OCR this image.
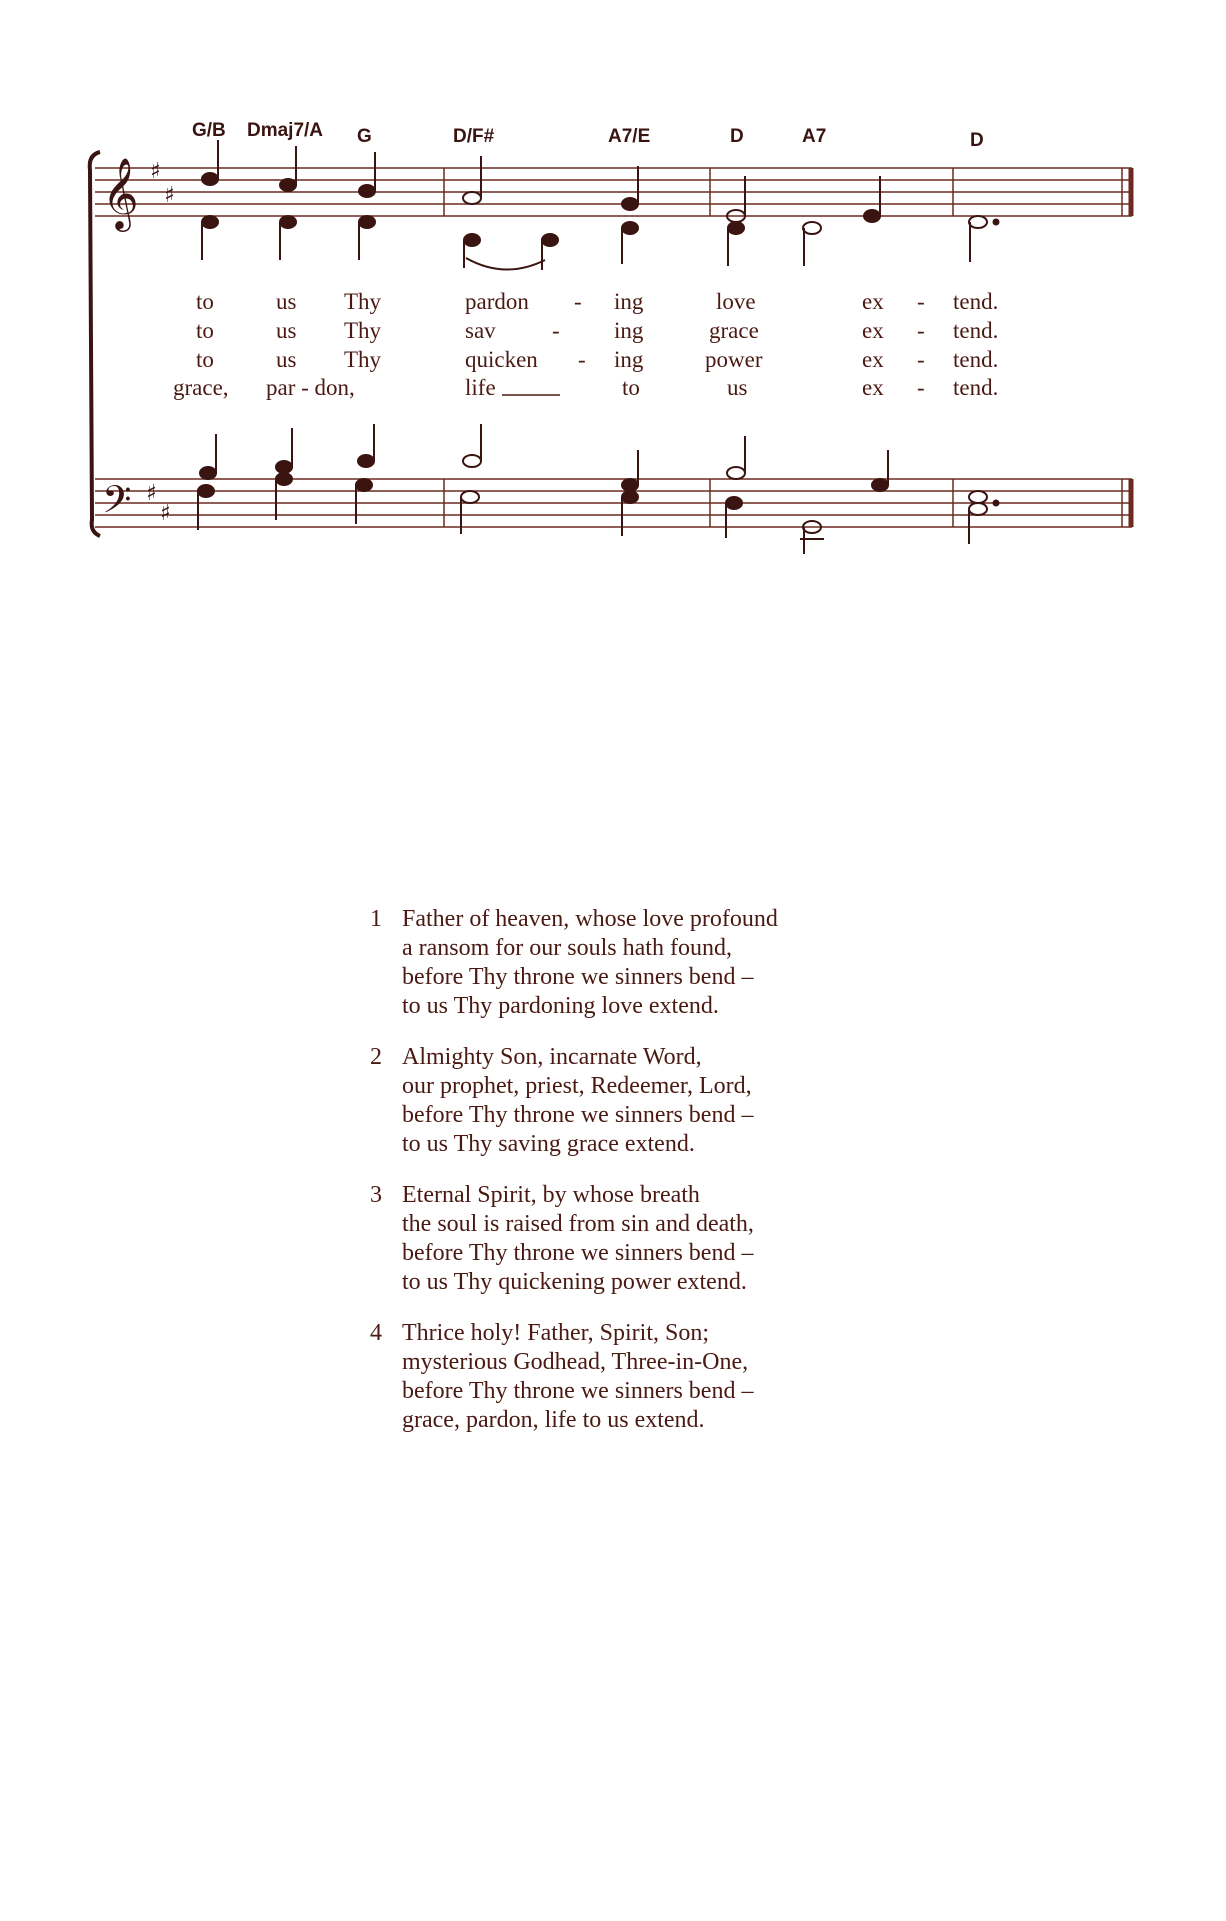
G/B Dmaj7/A G	D/F#	A7/E	D	A7	D
𝄞 ♯
♯
to	us Thy	pardon - ing	love	ex - tend.
to	us Thy	sav - ing	grace	ex - tend.
to	us Thy	quicken - ing	power	ex - tend.
grace, par - don,	life	to	us	ex - tend.
𝄢 ♯
♯
1 Father of heaven, whose love profound
a ransom for our souls hath found,
before Thy throne we sinners bend –
to us Thy pardoning love extend.
2 Almighty Son, incarnate Word,
our prophet, priest, Redeemer, Lord,
before Thy throne we sinners bend –
to us Thy saving grace extend.
3 Eternal Spirit, by whose breath
the soul is raised from sin and death,
before Thy throne we sinners bend –
to us Thy quickening power extend.
4 Thrice holy! Father, Spirit, Son;
mysterious Godhead, Three-in-One,
before Thy throne we sinners bend –
grace, pardon, life to us extend.
